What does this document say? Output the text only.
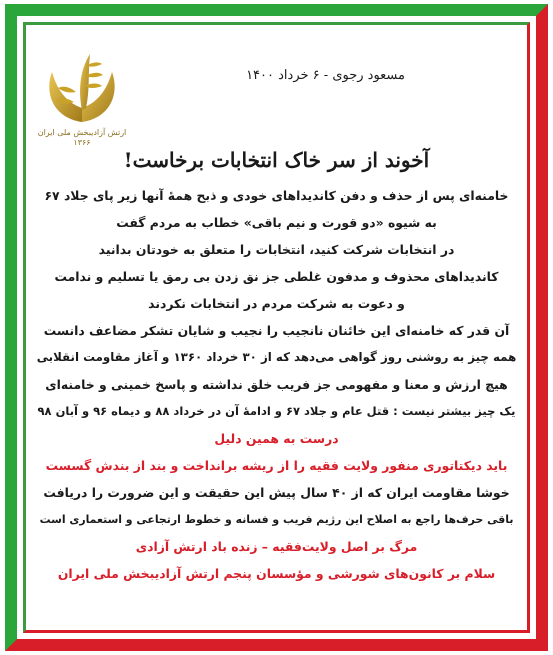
ارتش آزادیبخش ملی ایران
۱۳۶۶
مسعود رجوی - ۶ خرداد ۱۴۰۰
آخوند از سر خاک انتخابات برخاست!
خامنه‌ای پس از حذف و دفن کاندیداهای خودی و ذبح همهٔ آنها زیر پای جلاد ۶۷
به شیوه «دو قورت و نیم باقی» خطاب به مردم گفت
در انتخابات شرکت کنید، انتخابات را متعلق به خودتان بدانید
کاندیداهای محذوف و مدفون غلطی جز نق زدن بی رمق یا تسلیم و ندامت
و دعوت به شرکت مردم در انتخابات نکردند
آن قدر که خامنه‌ای این خائنان نانجیب را نجیب و شایان تشکر مضاعف دانست
همه چیز به روشنی روز گواهی می‌دهد که از ۳۰ خرداد ۱۳۶۰ و آغاز مقاومت انقلابی
هیچ ارزش و معنا و مفهومی جز فریب خلق نداشته و پاسخ خمینی و خامنه‌ای
یک چیز بیشتر نیست : قتل عام و جلاد ۶۷ و ادامهٔ آن در خرداد ۸۸ و دیماه ۹۶ و آبان ۹۸
درست به همین دلیل
باید دیکتاتوری منفور ولایت فقیه را از ریشه برانداخت و بند از بندش گسست
خوشا مقاومت ایران که از ۴۰ سال پیش این حقیقت و این ضرورت را دریافت
باقی حرف‌ها راجع به اصلاح این رژیم فریب و فسانه و خطوط ارتجاعی و استعماری است
مرگ بر اصل ولایت‌فقیه – زنده باد ارتش آزادی
سلام بر کانون‌های شورشی و مؤسسان پنجم ارتش آزادیبخش ملی ایران
